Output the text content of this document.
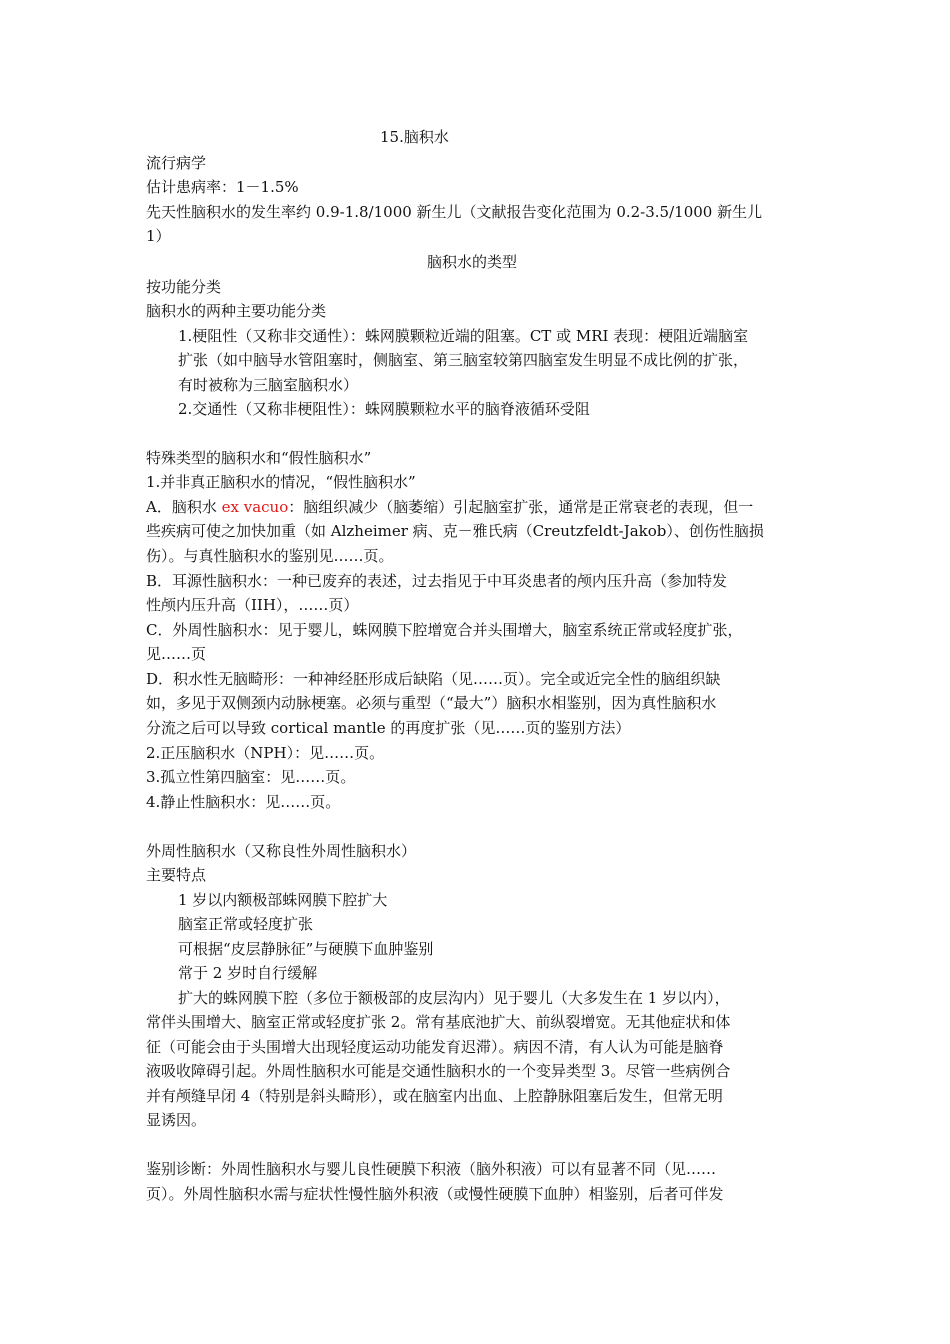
15.脑积水
流行病学
估计患病率：1－1.5%
先天性脑积水的发生率约 0.9-1.8/1000 新生儿（文献报告变化范围为 0.2-3.5/1000 新生儿
1）
脑积水的类型
按功能分类
脑积水的两种主要功能分类
1.梗阻性（又称非交通性）：蛛网膜颗粒近端的阻塞。CT 或 MRI 表现：梗阻近端脑室
扩张（如中脑导水管阻塞时，侧脑室、第三脑室较第四脑室发生明显不成比例的扩张，
有时被称为三脑室脑积水）
2.交通性（又称非梗阻性）：蛛网膜颗粒水平的脑脊液循环受阻
特殊类型的脑积水和“假性脑积水”
1.并非真正脑积水的情况，“假性脑积水”
A．脑积水 ex vacuo：脑组织减少（脑萎缩）引起脑室扩张，通常是正常衰老的表现，但一
些疾病可使之加快加重（如 Alzheimer 病、克－雅氏病（Creutzfeldt-Jakob）、创伤性脑损
伤）。与真性脑积水的鉴别见……页。
B．耳源性脑积水：一种已废弃的表述，过去指见于中耳炎患者的颅内压升高（参加特发
性颅内压升高（IIH），……页）
C．外周性脑积水：见于婴儿，蛛网膜下腔增宽合并头围增大，脑室系统正常或轻度扩张，
见……页
D．积水性无脑畸形：一种神经胚形成后缺陷（见……页）。完全或近完全性的脑组织缺
如，多见于双侧颈内动脉梗塞。必须与重型（“最大”）脑积水相鉴别，因为真性脑积水
分流之后可以导致 cortical mantle 的再度扩张（见……页的鉴别方法）
2.正压脑积水（NPH）：见……页。
3.孤立性第四脑室：见……页。
4.静止性脑积水：见……页。
外周性脑积水（又称良性外周性脑积水）
主要特点
1 岁以内额极部蛛网膜下腔扩大
脑室正常或轻度扩张
可根据“皮层静脉征”与硬膜下血肿鉴别
常于 2 岁时自行缓解
扩大的蛛网膜下腔（多位于额极部的皮层沟内）见于婴儿（大多发生在 1 岁以内），
常伴头围增大、脑室正常或轻度扩张 2。常有基底池扩大、前纵裂增宽。无其他症状和体
征（可能会由于头围增大出现轻度运动功能发育迟滞）。病因不清，有人认为可能是脑脊
液吸收障碍引起。外周性脑积水可能是交通性脑积水的一个变异类型 3。尽管一些病例合
并有颅缝早闭 4（特别是斜头畸形），或在脑室内出血、上腔静脉阻塞后发生，但常无明
显诱因。
鉴别诊断：外周性脑积水与婴儿良性硬膜下积液（脑外积液）可以有显著不同（见……
页）。外周性脑积水需与症状性慢性脑外积液（或慢性硬膜下血肿）相鉴别，后者可伴发
